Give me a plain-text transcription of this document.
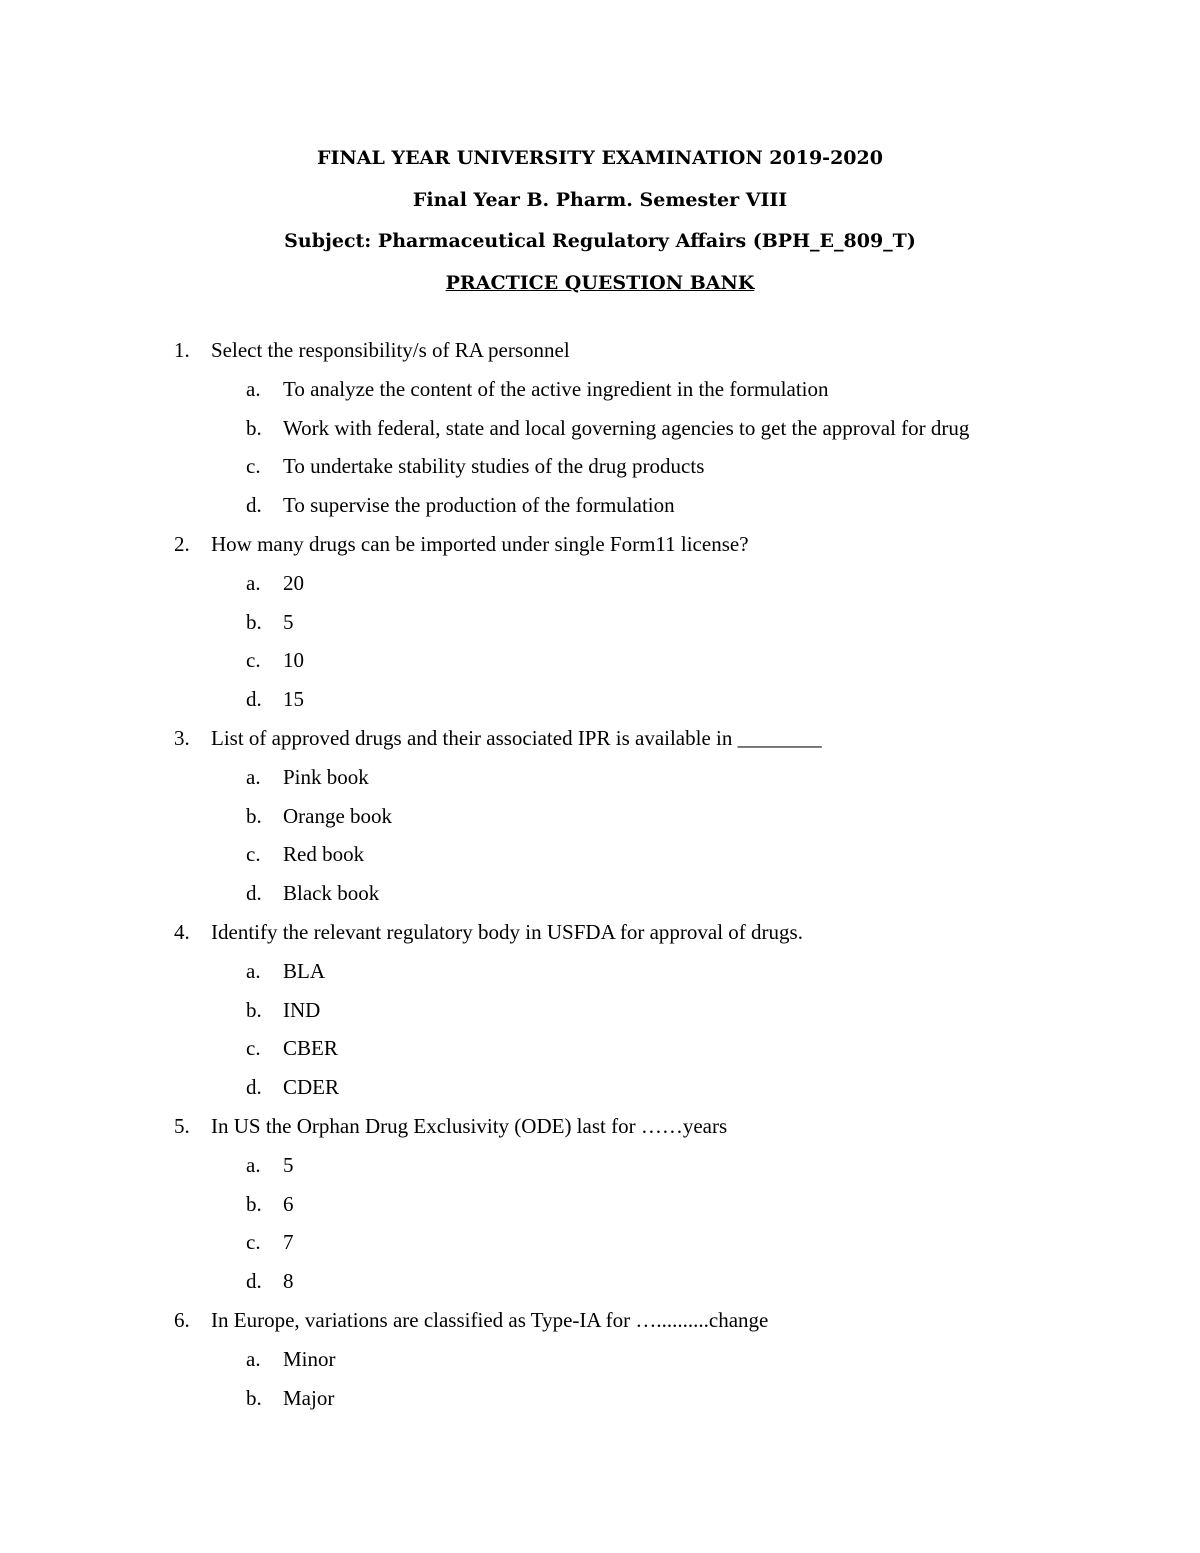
FINAL YEAR UNIVERSITY EXAMINATION 2019-2020
Final Year B. Pharm. Semester VIII
Subject: Pharmaceutical Regulatory Affairs (BPH_E_809_T)
PRACTICE QUESTION BANK
1. Select the responsibility/s of RA personnel
a. To analyze the content of the active ingredient in the formulation
b. Work with federal, state and local governing agencies to get the approval for drug
c. To undertake stability studies of the drug products
d. To supervise the production of the formulation
2. How many drugs can be imported under single Form11 license?
a. 20
b. 5
c. 10
d. 15
3. List of approved drugs and their associated IPR is available in ________
a. Pink book
b. Orange book
c. Red book
d. Black book
4. Identify the relevant regulatory body in USFDA for approval of drugs.
a. BLA
b. IND
c. CBER
d. CDER
5. In US the Orphan Drug Exclusivity (ODE) last for ……years
a. 5
b. 6
c. 7
d. 8
6. In Europe, variations are classified as Type-IA for …..........change
a. Minor
b. Major
